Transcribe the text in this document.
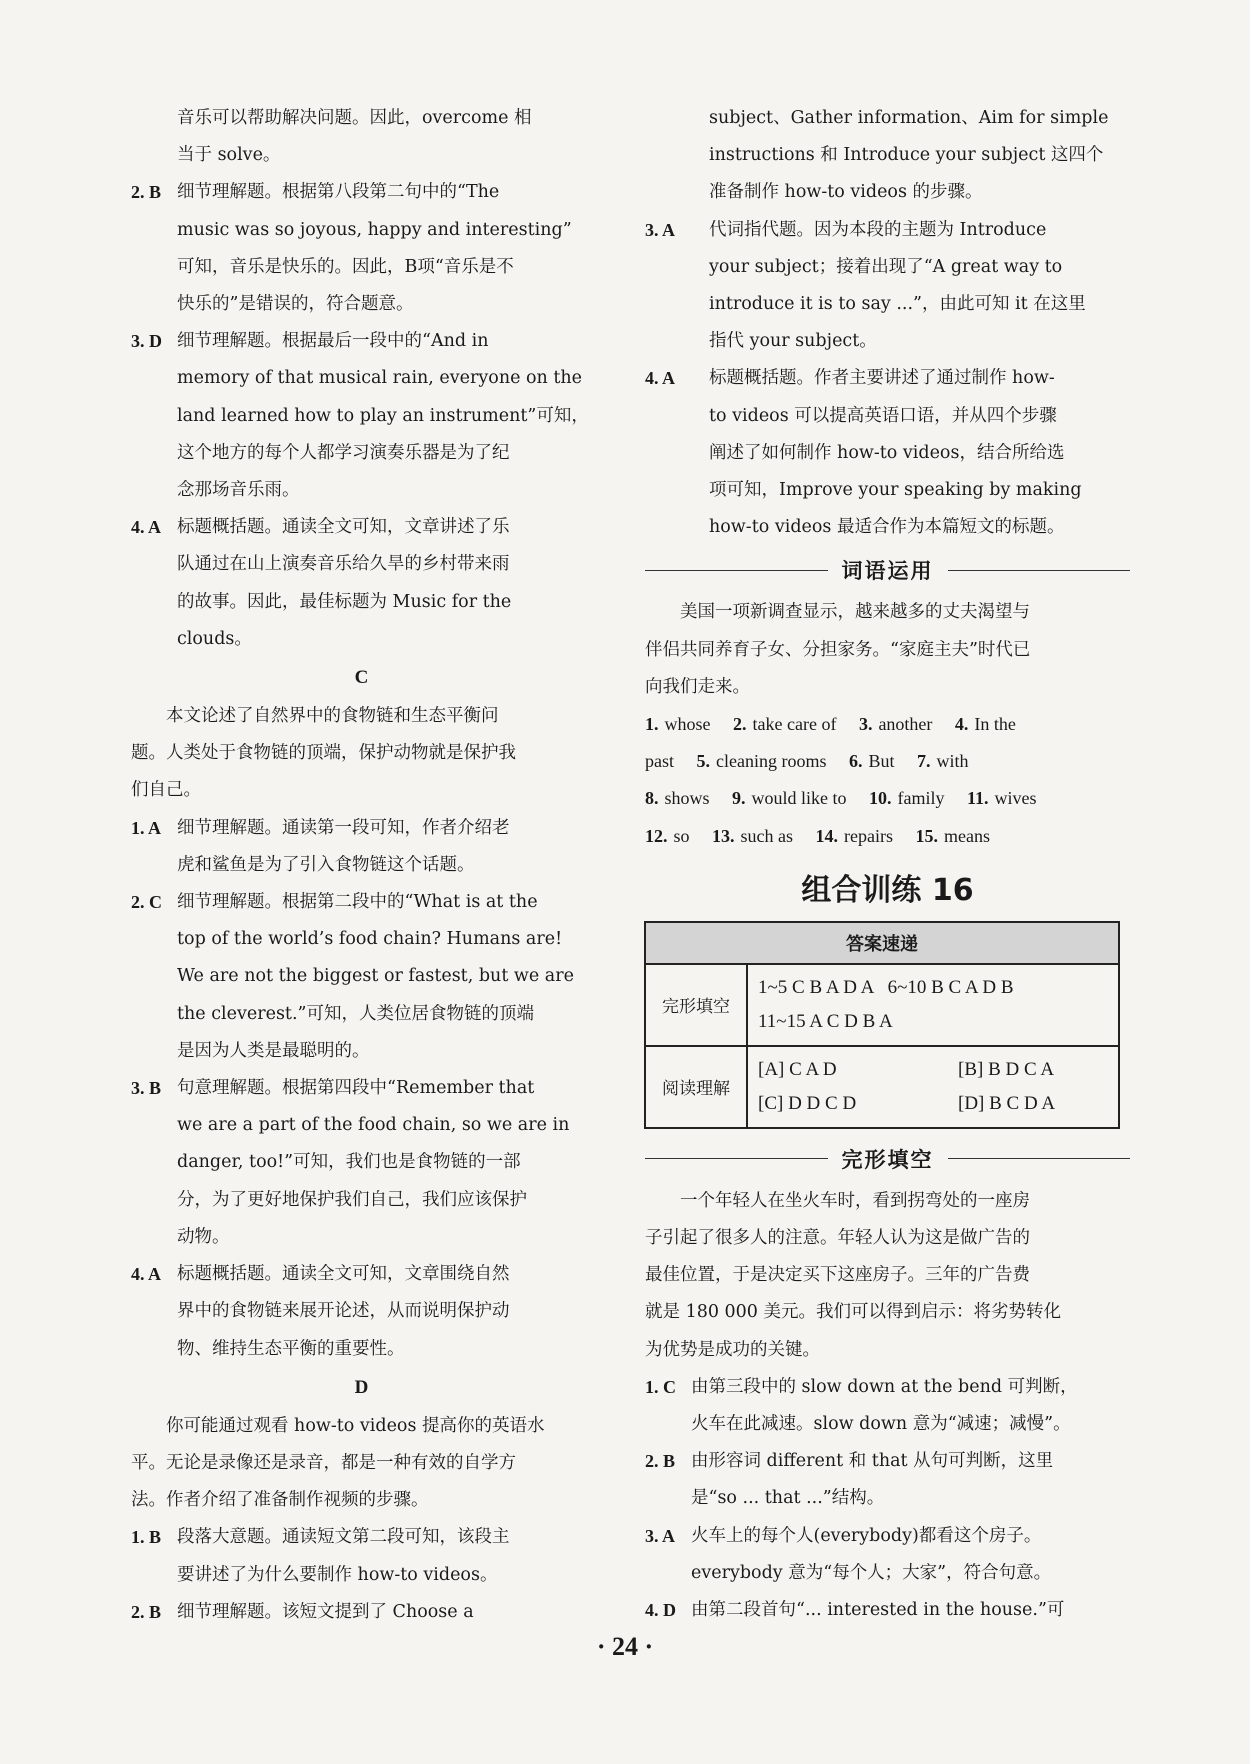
音乐可以帮助解决问题。因此，overcome 相

当于 solve。

2. B 细节理解题。根据第八段第二句中的“The

music was so joyous, happy and interesting”

可知，音乐是快乐的。因此，B项“音乐是不

快乐的”是错误的，符合题意。

3. D 细节理解题。根据最后一段中的“And in

memory of that musical rain, everyone on the

land learned how to play an instrument”可知，

这个地方的每个人都学习演奏乐器是为了纪

念那场音乐雨。

4. A 标题概括题。通读全文可知，文章讲述了乐

队通过在山上演奏音乐给久旱的乡村带来雨

的故事。因此，最佳标题为 Music for the

clouds。

C

本文论述了自然界中的食物链和生态平衡问

题。人类处于食物链的顶端，保护动物就是保护我

们自己。

1. A 细节理解题。通读第一段可知，作者介绍老

虎和鲨鱼是为了引入食物链这个话题。

2. C 细节理解题。根据第二段中的“What is at the

top of the world’s food chain? Humans are!

We are not the biggest or fastest, but we are

the cleverest.”可知，人类位居食物链的顶端

是因为人类是最聪明的。

3. B 句意理解题。根据第四段中“Remember that

we are a part of the food chain, so we are in

danger, too!”可知，我们也是食物链的一部

分，为了更好地保护我们自己，我们应该保护

动物。

4. A 标题概括题。通读全文可知，文章围绕自然

界中的食物链来展开论述，从而说明保护动

物、维持生态平衡的重要性。

D

你可能通过观看 how-to videos 提高你的英语水

平。无论是录像还是录音，都是一种有效的自学方

法。作者介绍了准备制作视频的步骤。

1. B 段落大意题。通读短文第二段可知，该段主

要讲述了为什么要制作 how-to videos。

2. B 细节理解题。该短文提到了 Choose a

subject、Gather information、Aim for simple

instructions 和 Introduce your subject 这四个

准备制作 how-to videos 的步骤。

3. A	代词指代题。因为本段的主题为 Introduce

your subject；接着出现了“A great way to

introduce it is to say ...”，由此可知 it 在这里

指代 your subject。

4. A	标题概括题。作者主要讲述了通过制作 how-

to videos 可以提高英语口语，并从四个步骤

阐述了如何制作 how-to videos，结合所给选

项可知，Improve your speaking by making

how-to videos 最适合作为本篇短文的标题。

词语运用

美国一项新调查显示，越来越多的丈夫渴望与

伴侣共同养育子女、分担家务。“家庭主夫”时代已

向我们走来。

1. whose 2. take care of 3. another 4. In the
past 5. cleaning rooms 6. But 7. with
8. shows 9. would like to 10. family 11. wives
12. so 13. such as 14. repairs 15. means
组合训练 16
答案速递	
完形填空	1~5 C B A D A   6~10 B C A D B
11~15 A C D B A

阅读理解	[A] C A D [B] B D C A
[C] D D C D [D] B C D A
完形填空

一个年轻人在坐火车时，看到拐弯处的一座房

子引起了很多人的注意。年轻人认为这是做广告的

最佳位置，于是决定买下这座房子。三年的广告费

就是 180 000 美元。我们可以得到启示：将劣势转化

为优势是成功的关键。

1. C 由第三段中的 slow down at the bend 可判断，

火车在此减速。slow down 意为“减速；减慢”。

2. B 由形容词 different 和 that 从句可判断，这里

是“so ... that ...”结构。

3. A 火车上的每个人(everybody)都看这个房子。

everybody 意为“每个人；大家”，符合句意。

4. D 由第二段首句“... interested in the house.”可

· 24 ·
